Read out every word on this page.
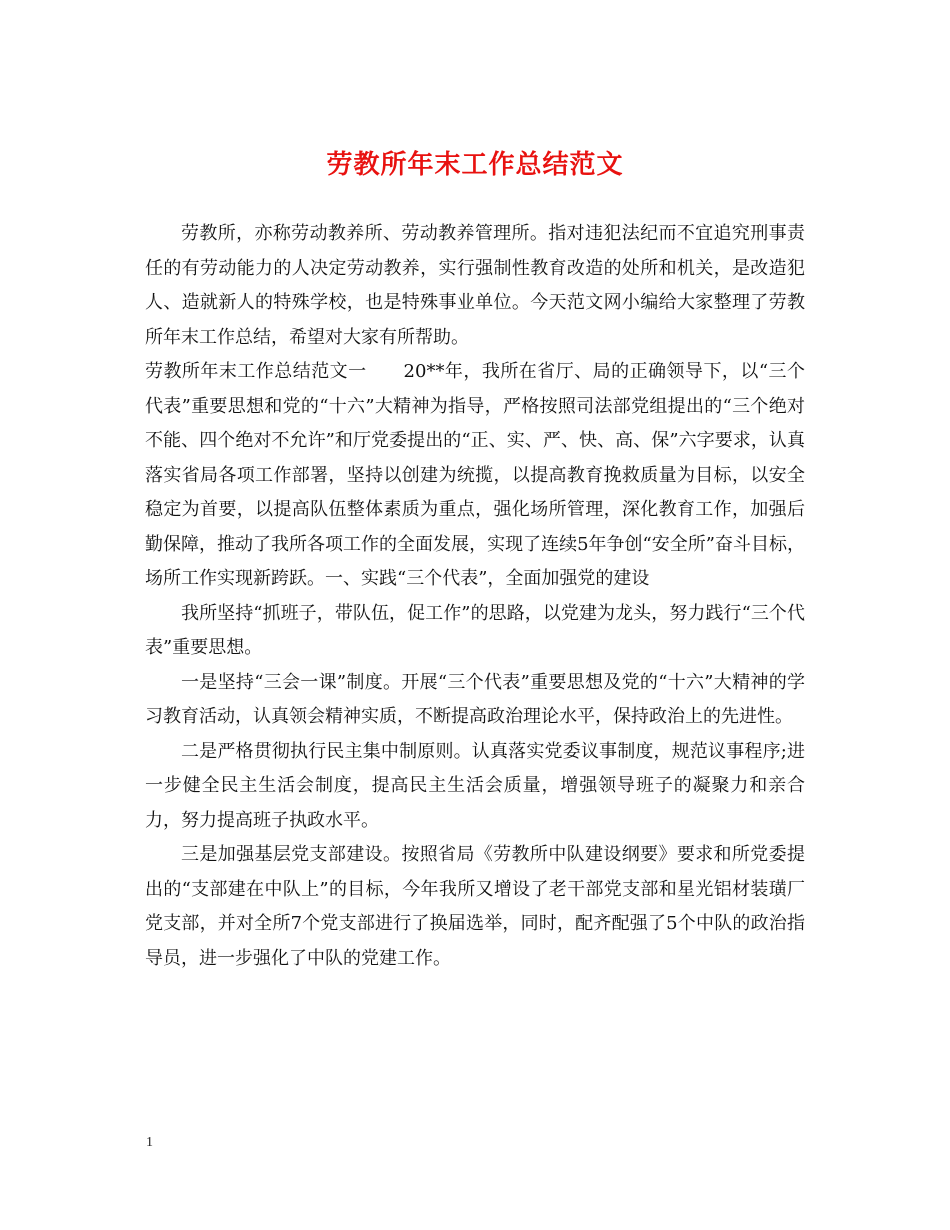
劳教所年末工作总结范文

劳教所，亦称劳动教养所、劳动教养管理所。指对违犯法纪而不宜追究刑事责任的有劳动能力的人决定劳动教养，实行强制性教育改造的处所和机关，是改造犯人、造就新人的特殊学校，也是特殊事业单位。今天范文网小编给大家整理了劳教所年末工作总结，希望对大家有所帮助。

劳教所年末工作总结范文一　　20**年，我所在省厅、局的正确领导下，以“三个代表”重要思想和党的“十六”大精神为指导，严格按照司法部党组提出的“三个绝对不能、四个绝对不允许”和厅党委提出的“正、实、严、快、高、保”六字要求，认真落实省局各项工作部署，坚持以创建为统揽，以提高教育挽救质量为目标，以安全稳定为首要，以提高队伍整体素质为重点，强化场所管理，深化教育工作，加强后勤保障，推动了我所各项工作的全面发展，实现了连续5年争创“安全所”奋斗目标，场所工作实现新跨跃。一、实践“三个代表”，全面加强党的建设

我所坚持“抓班子，带队伍，促工作”的思路，以党建为龙头，努力践行“三个代表”重要思想。

一是坚持“三会一课”制度。开展“三个代表”重要思想及党的“十六”大精神的学习教育活动，认真领会精神实质，不断提高政治理论水平，保持政治上的先进性。

二是严格贯彻执行民主集中制原则。认真落实党委议事制度，规范议事程序;进一步健全民主生活会制度，提高民主生活会质量，增强领导班子的凝聚力和亲合力，努力提高班子执政水平。

三是加强基层党支部建设。按照省局《劳教所中队建设纲要》要求和所党委提出的“支部建在中队上”的目标，今年我所又增设了老干部党支部和星光铝材装璜厂党支部，并对全所7个党支部进行了换届选举，同时，配齐配强了5个中队的政治指导员，进一步强化了中队的党建工作。

1
